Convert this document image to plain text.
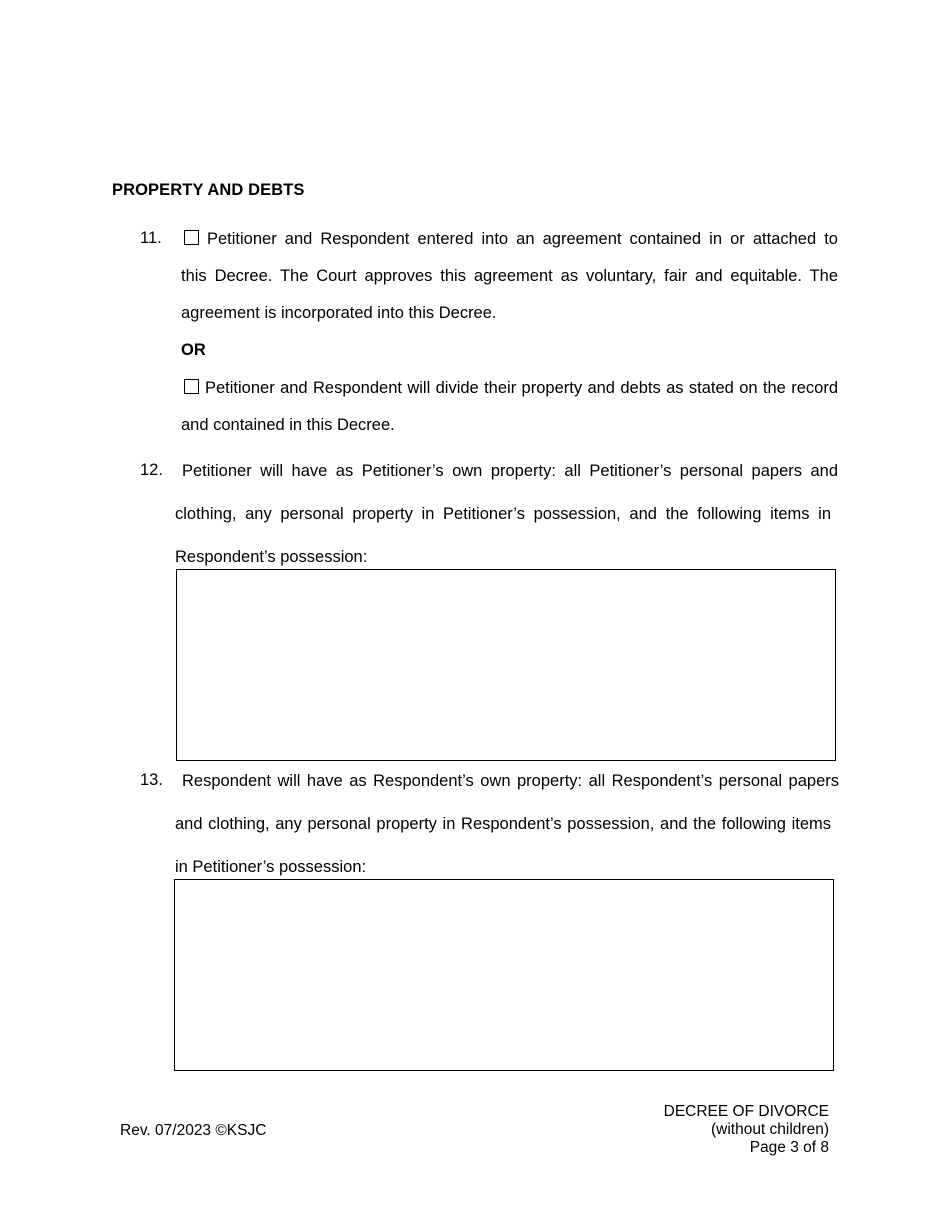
PROPERTY AND DEBTS
11.	Petitioner and Respondent entered into an agreement contained in or attached to
this Decree. The Court approves this agreement as voluntary, fair and equitable. The
agreement is incorporated into this Decree.
OR
Petitioner and Respondent will divide their property and debts as stated on the record
and contained in this Decree.
12. Petitioner will have as Petitioner’s own property: all Petitioner’s personal papers and
clothing, any personal property in Petitioner’s possession, and the following items in
Respondent’s possession:
13. Respondent will have as Respondent’s own property: all Respondent’s personal papers
and clothing, any personal property in Respondent’s possession, and the following items
in Petitioner’s possession:
Rev. 07/2023 ©KSJC
DECREE OF DIVORCE
(without children)
Page 3 of 8
